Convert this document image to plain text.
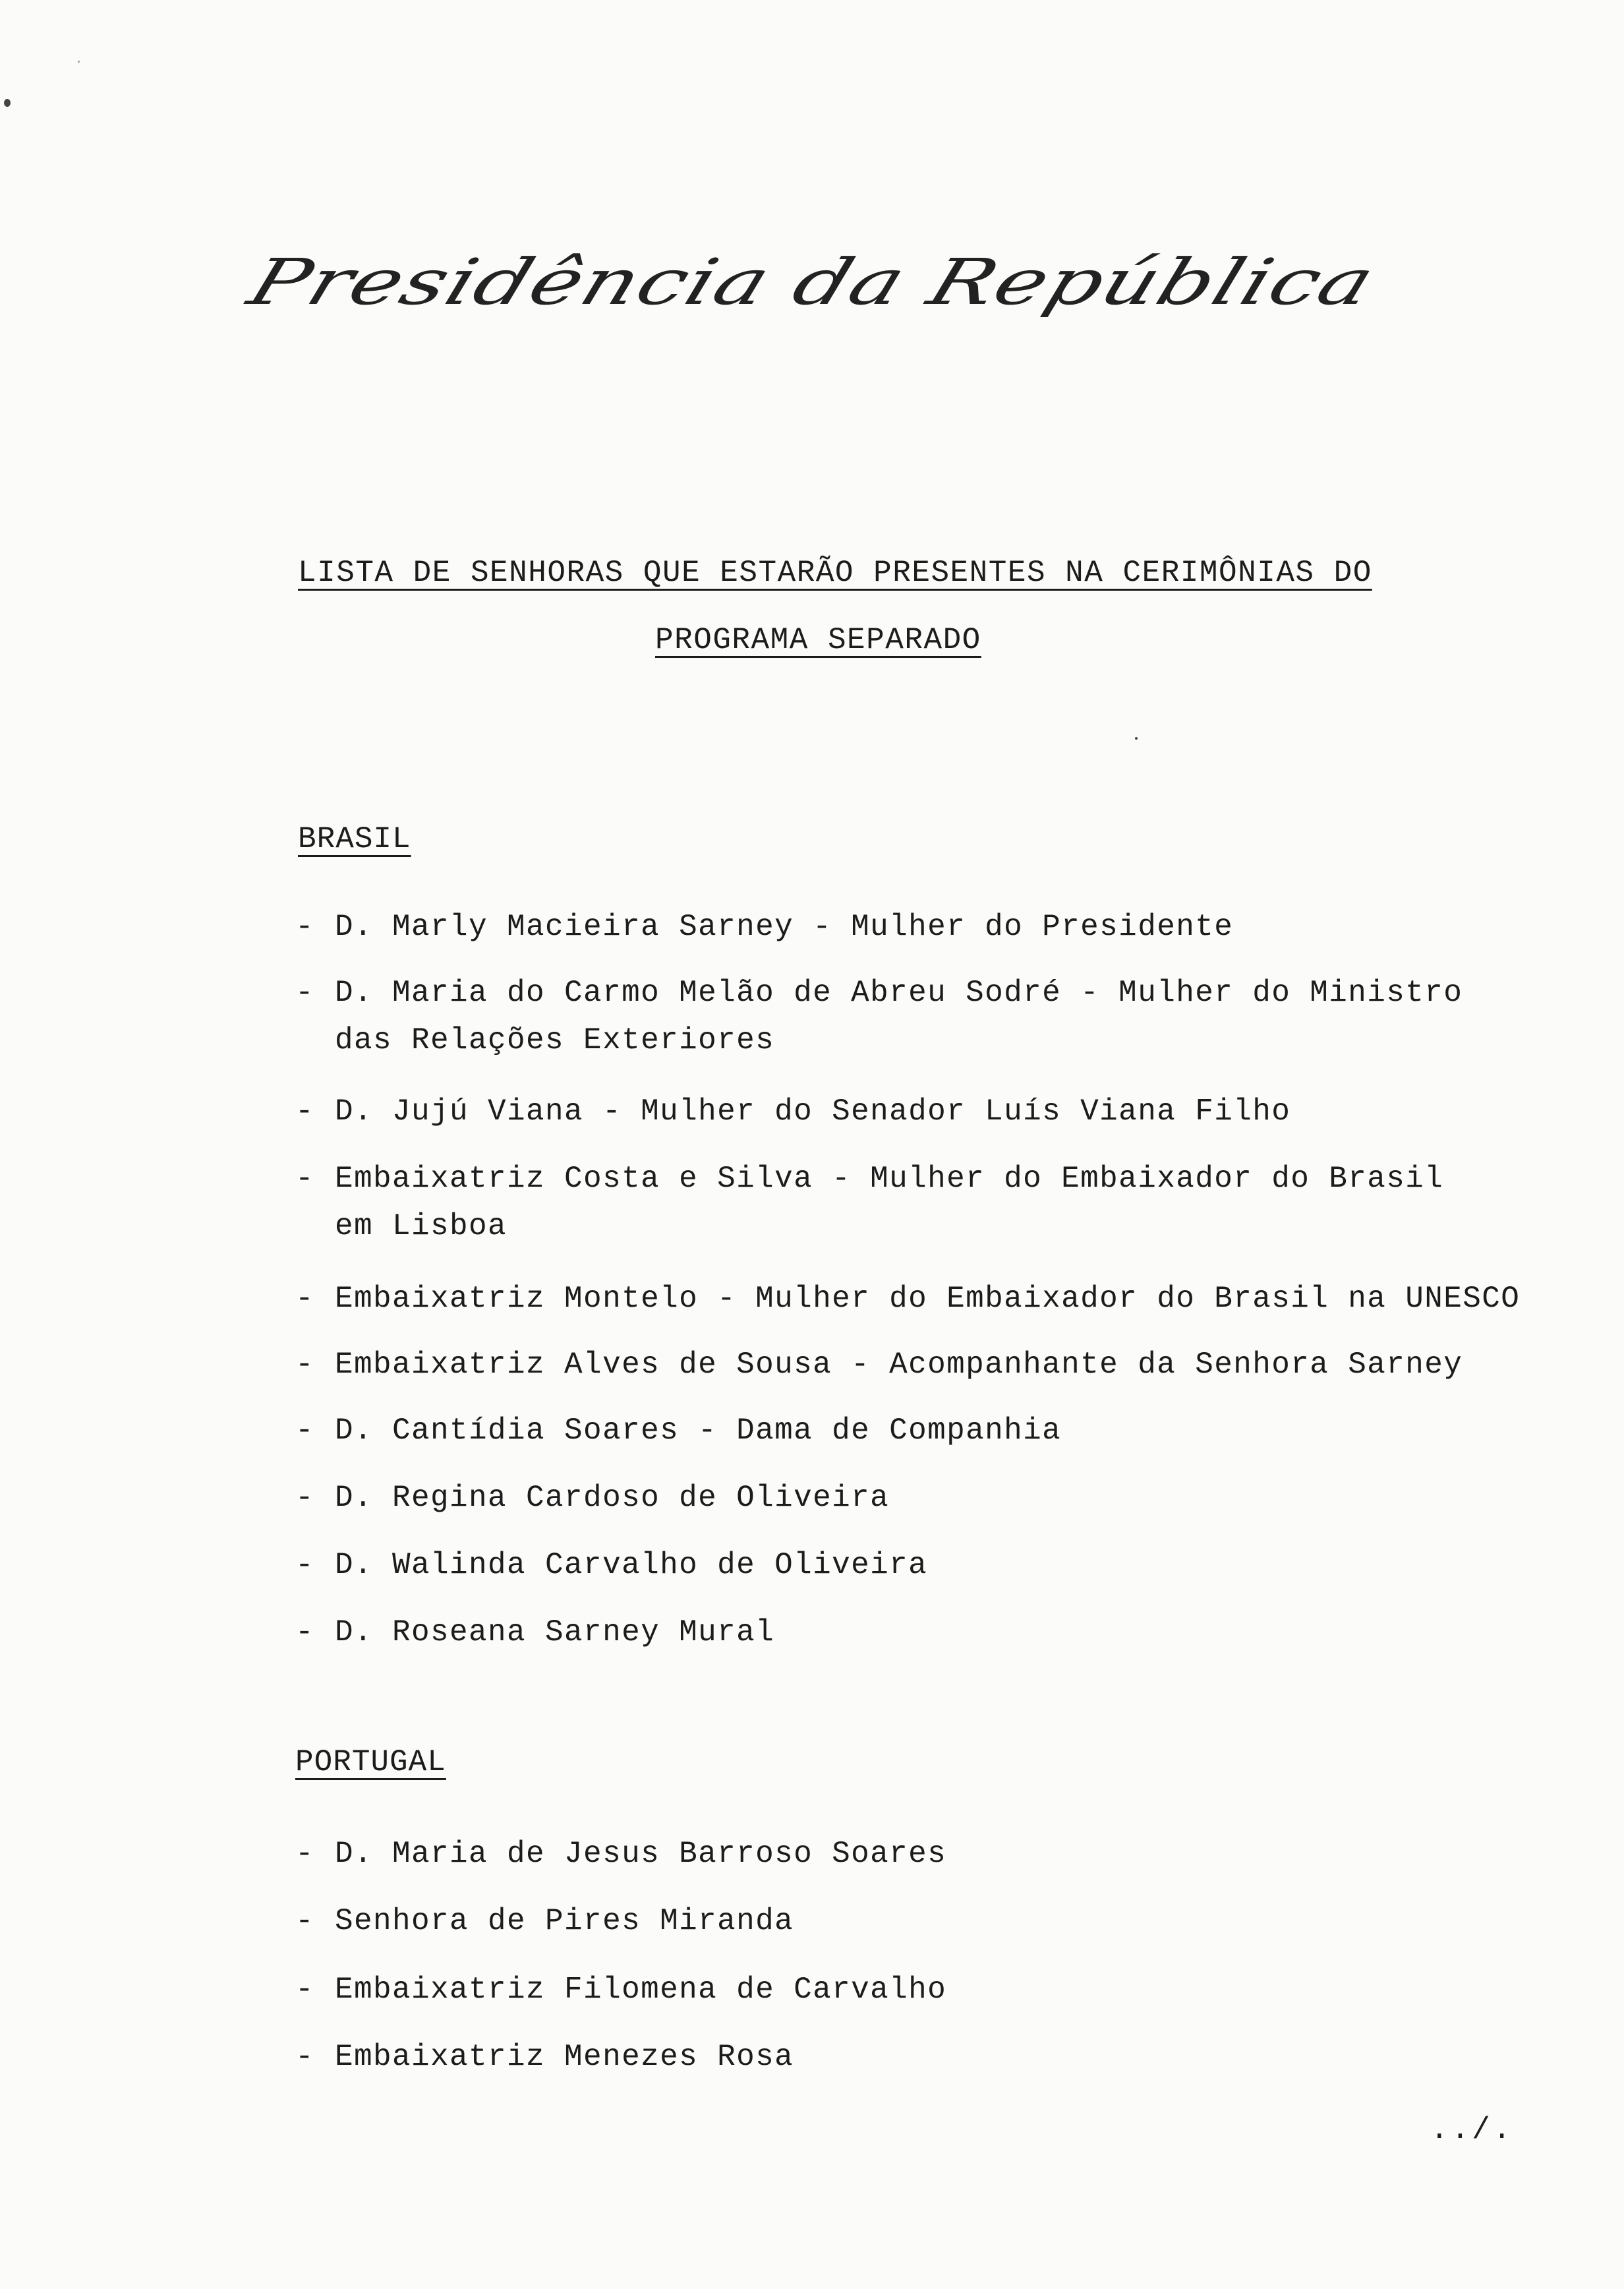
Presidência da República
LISTA DE SENHORAS QUE ESTARÃO PRESENTES NA CERIMÔNIAS DO
PROGRAMA SEPARADO
BRASIL
- D. Marly Macieira Sarney - Mulher do Presidente
- D. Maria do Carmo Melão de Abreu Sodré - Mulher do Ministro
das Relações Exteriores
- D. Jujú Viana - Mulher do Senador Luís Viana Filho
- Embaixatriz Costa e Silva - Mulher do Embaixador do Brasil
em Lisboa
- Embaixatriz Montelo - Mulher do Embaixador do Brasil na UNESCO
- Embaixatriz Alves de Sousa - Acompanhante da Senhora Sarney
- D. Cantídia Soares - Dama de Companhia
- D. Regina Cardoso de Oliveira
- D. Walinda Carvalho de Oliveira
- D. Roseana Sarney Mural
PORTUGAL
- D. Maria de Jesus Barroso Soares
- Senhora de Pires Miranda
- Embaixatriz Filomena de Carvalho
- Embaixatriz Menezes Rosa
../.
